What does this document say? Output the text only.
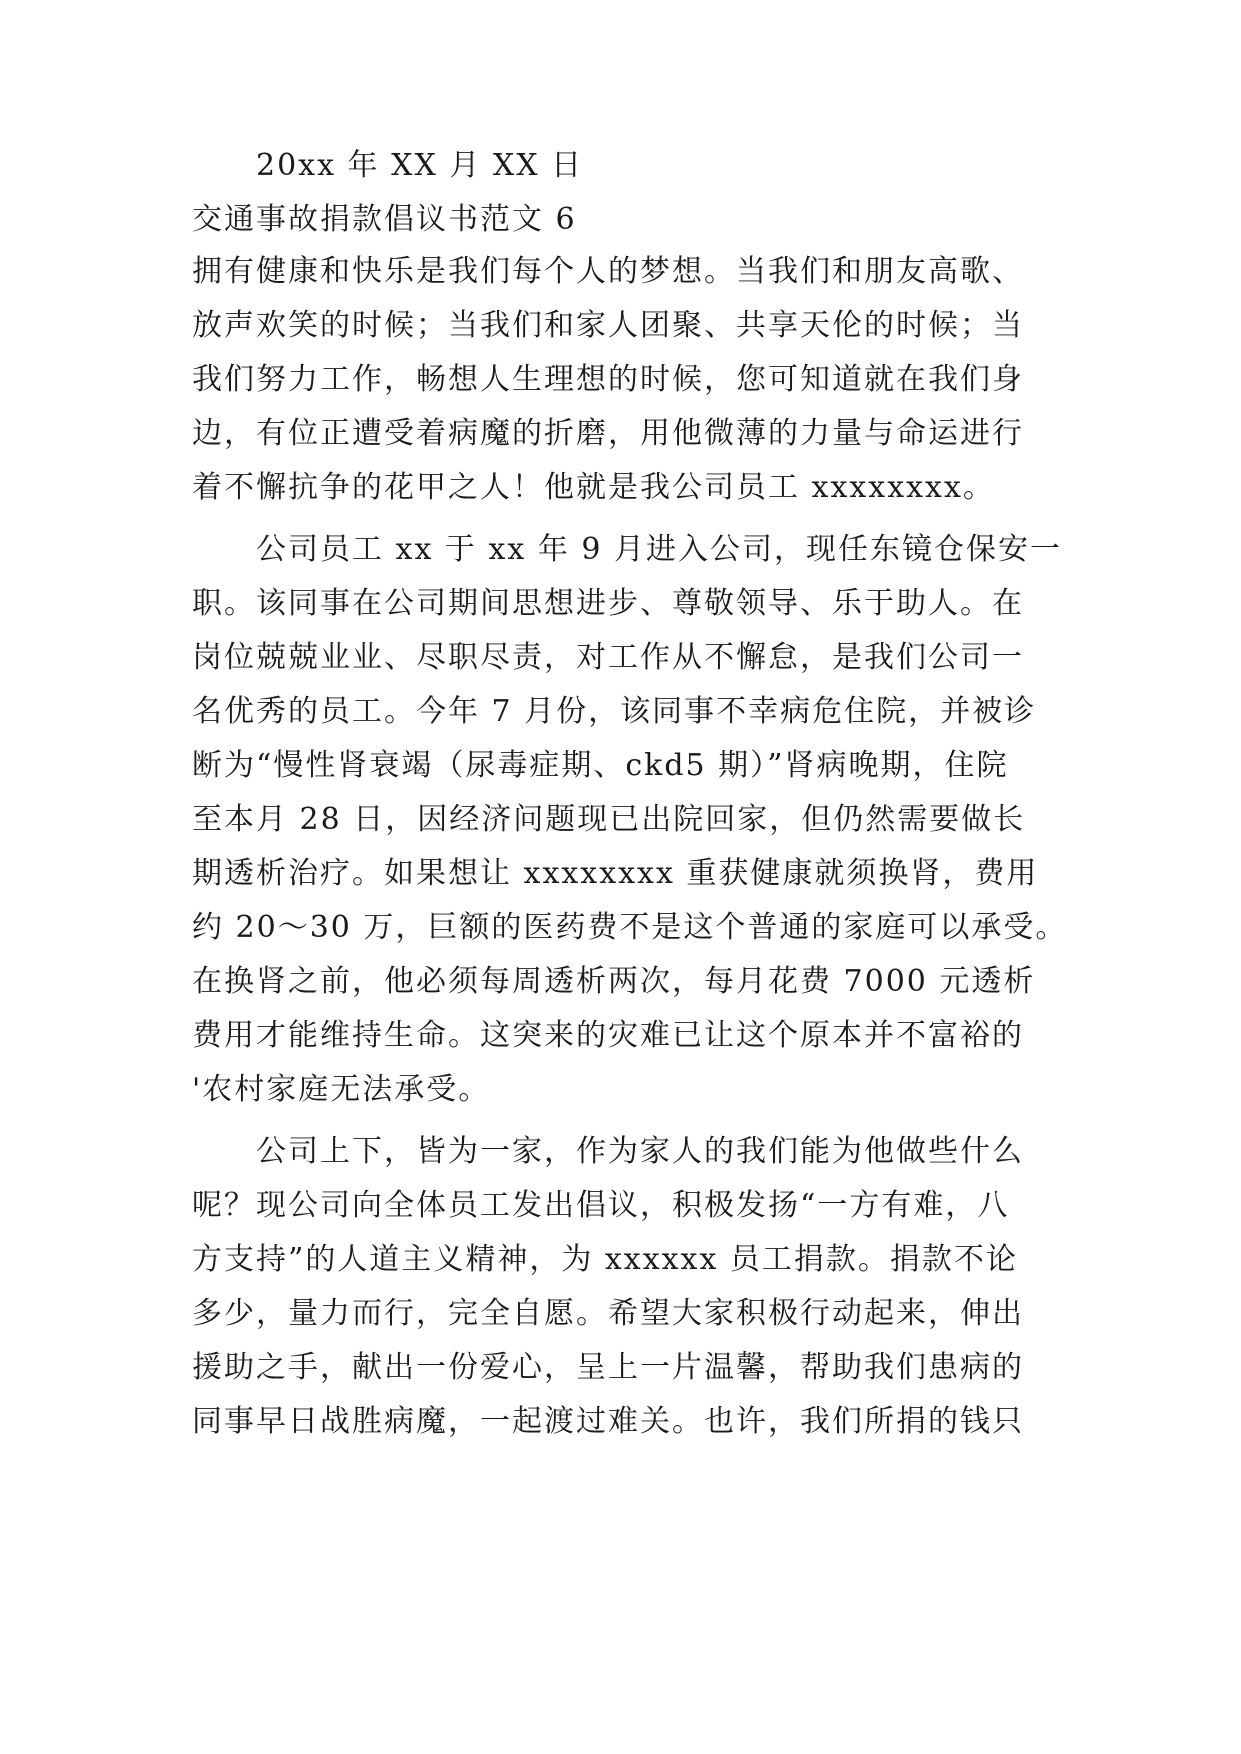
20xx 年 XX 月 XX 日
交通事故捐款倡议书范文 6
拥有健康和快乐是我们每个人的梦想。当我们和朋友高歌、
放声欢笑的时候；当我们和家人团聚、共享天伦的时候；当
我们努力工作，畅想人生理想的时候，您可知道就在我们身
边，有位正遭受着病魔的折磨，用他微薄的力量与命运进行
着不懈抗争的花甲之人！他就是我公司员工 xxxxxxxx。
公司员工 xx 于 xx 年 9 月进入公司，现任东镜仓保安一
职。该同事在公司期间思想进步、尊敬领导、乐于助人。在
岗位兢兢业业、尽职尽责，对工作从不懈怠，是我们公司一
名优秀的员工。今年 7 月份，该同事不幸病危住院，并被诊
断为“慢性肾衰竭（尿毒症期、ckd5 期）”肾病晚期，住院
至本月 28 日，因经济问题现已出院回家，但仍然需要做长
期透析治疗。如果想让 xxxxxxxx 重获健康就须换肾，费用
约 20～30 万，巨额的医药费不是这个普通的家庭可以承受。
在换肾之前，他必须每周透析两次，每月花费 7000 元透析
费用才能维持生命。这突来的灾难已让这个原本并不富裕的
'农村家庭无法承受。
公司上下，皆为一家，作为家人的我们能为他做些什么
呢？现公司向全体员工发出倡议，积极发扬“一方有难，八
方支持”的人道主义精神，为 xxxxxx 员工捐款。捐款不论
多少，量力而行，完全自愿。希望大家积极行动起来，伸出
援助之手，献出一份爱心，呈上一片温馨，帮助我们患病的
同事早日战胜病魔，一起渡过难关。也许，我们所捐的钱只
